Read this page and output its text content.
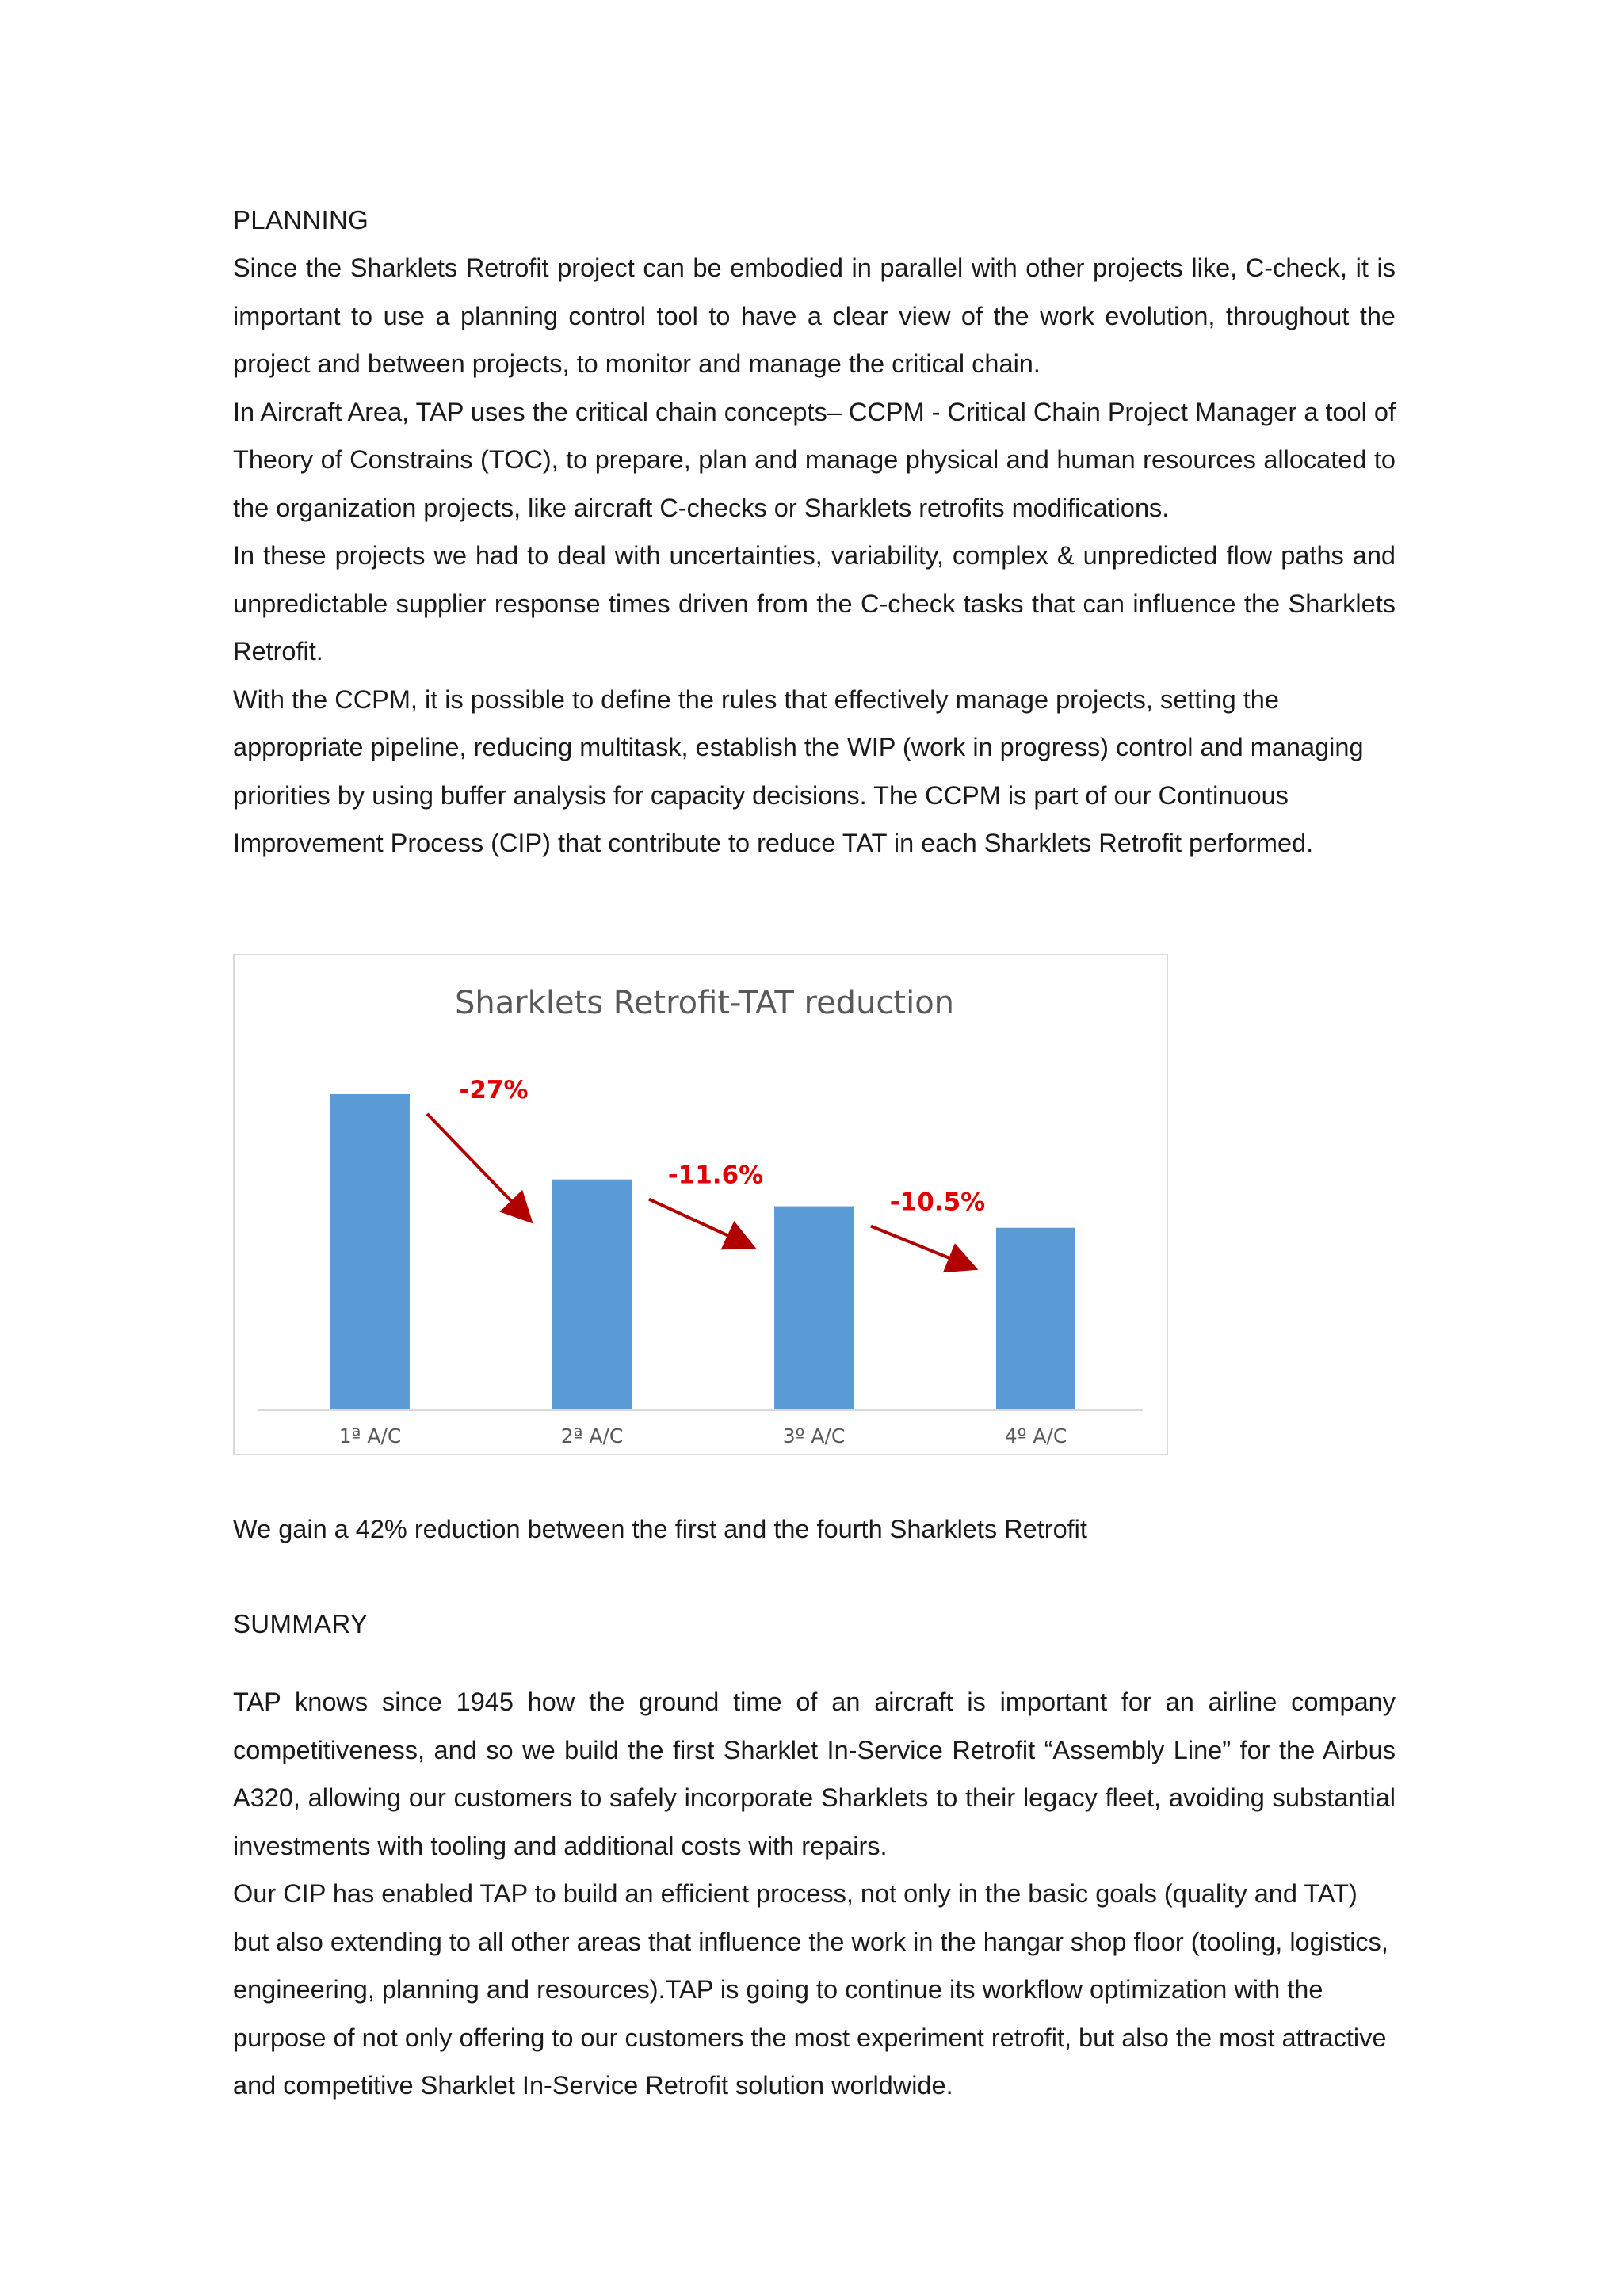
PLANNING

Since the Sharklets Retrofit project can be embodied in parallel with other projects like, C-check, it is important to use a planning control tool to have a clear view of the work evolution, throughout the project and between projects, to monitor and manage the critical chain.

In Aircraft Area, TAP uses the critical chain concepts– CCPM - Critical Chain Project Manager a tool of Theory of Constrains (TOC), to prepare, plan and manage physical and human resources allocated to the organization projects, like aircraft C-checks or Sharklets retrofits modifications.

In these projects we had to deal with uncertainties, variability, complex & unpredicted flow paths and unpredictable supplier response times driven from the C-check tasks that can influence the Sharklets Retrofit.

With the CCPM, it is possible to define the rules that effectively manage projects, setting the appropriate pipeline, reducing multitask, establish the WIP (work in progress) control and managing priorities by using buffer analysis for capacity decisions. The CCPM is part of our Continuous Improvement Process (CIP) that contribute to reduce TAT in each Sharklets Retrofit performed.

Sharklets Retrofit-TAT reduction
1ª A/C	2ª A/C	3º A/C	4º A/C
-27%
-11.6%
-10.5%

We gain a 42% reduction between the first and the fourth Sharklets Retrofit

SUMMARY

TAP knows since 1945 how the ground time of an aircraft is important for an airline company competitiveness, and so we build the first Sharklet In-Service Retrofit “Assembly Line” for the Airbus A320, allowing our customers to safely incorporate Sharklets to their legacy fleet, avoiding substantial investments with tooling and additional costs with repairs.

Our CIP has enabled TAP to build an efficient process, not only in the basic goals (quality and TAT) but also extending to all other areas that influence the work in the hangar shop floor (tooling, logistics, engineering, planning and resources).TAP is going to continue its workflow optimization with the purpose of not only offering to our customers the most experiment retrofit, but also the most attractive and competitive Sharklet In-Service Retrofit solution worldwide.
